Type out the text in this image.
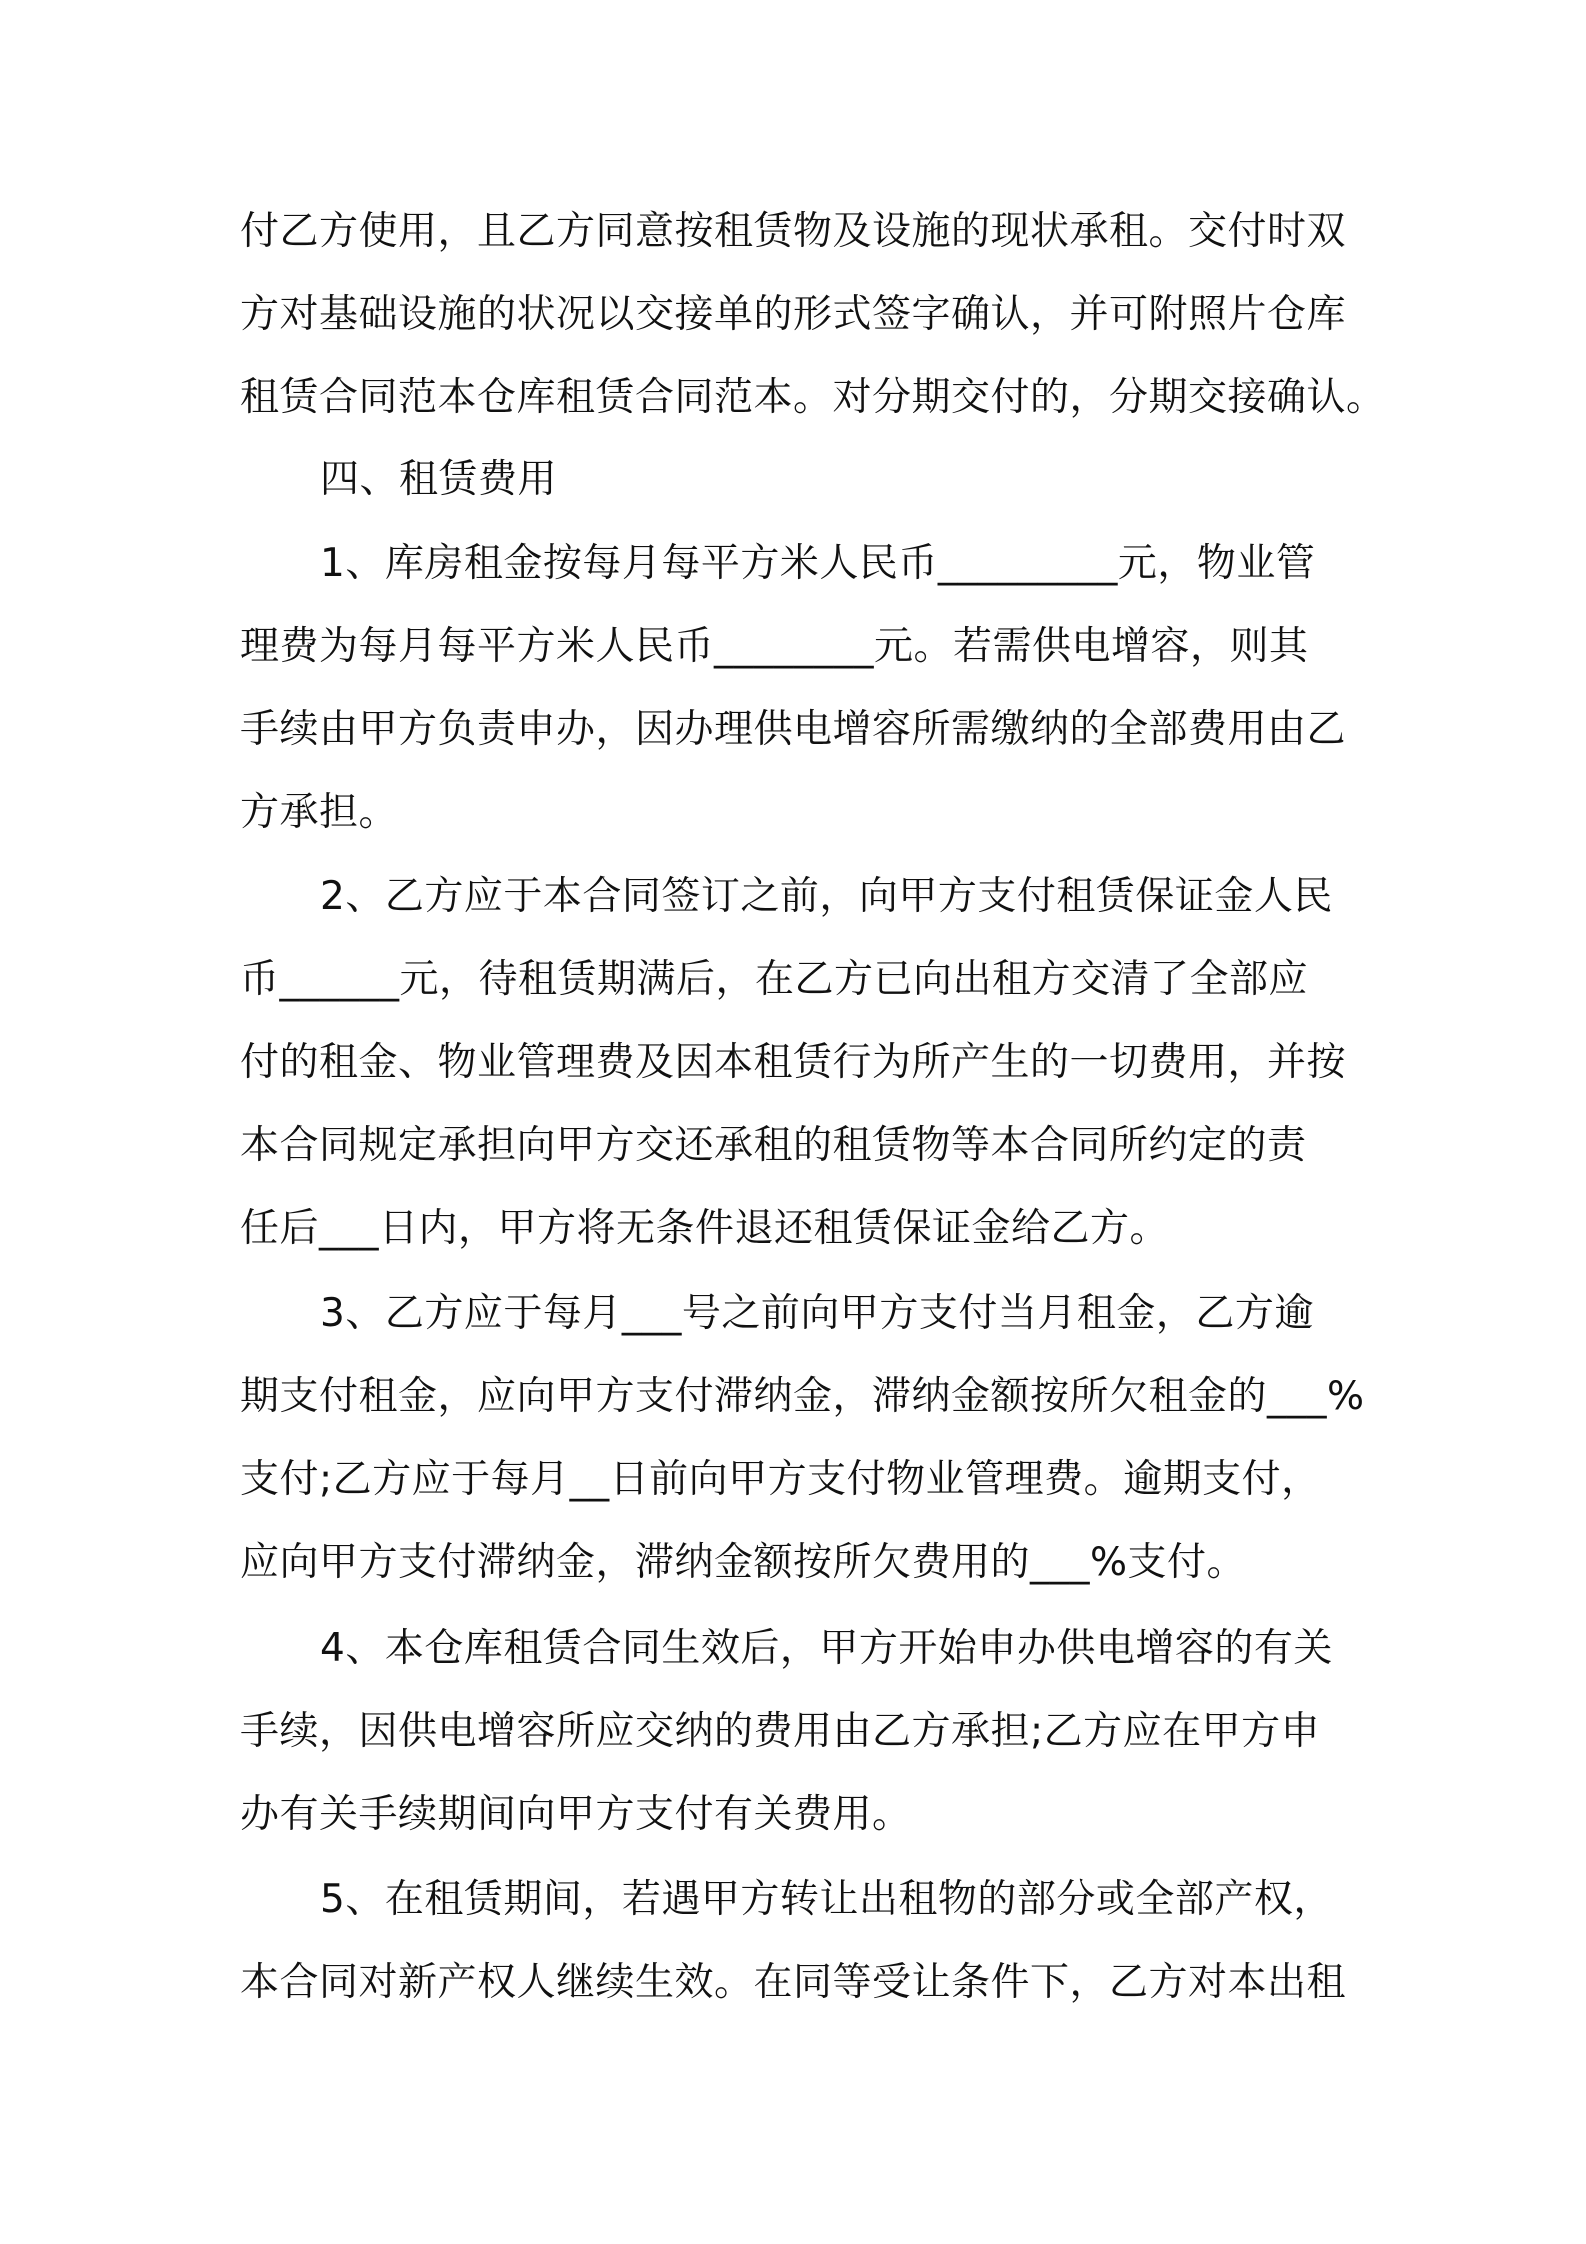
付乙方使用，且乙方同意按租赁物及设施的现状承租。交付时双
方对基础设施的状况以交接单的形式签字确认，并可附照片仓库
租赁合同范本仓库租赁合同范本。对分期交付的，分期交接确认。
四、租赁费用
1、库房租金按每月每平方米人民币_________元，物业管
理费为每月每平方米人民币________元。若需供电增容，则其
手续由甲方负责申办，因办理供电增容所需缴纳的全部费用由乙
方承担。
2、乙方应于本合同签订之前，向甲方支付租赁保证金人民
币______元，待租赁期满后，在乙方已向出租方交清了全部应
付的租金、物业管理费及因本租赁行为所产生的一切费用，并按
本合同规定承担向甲方交还承租的租赁物等本合同所约定的责
任后___日内，甲方将无条件退还租赁保证金给乙方。
3、乙方应于每月___号之前向甲方支付当月租金，乙方逾
期支付租金，应向甲方支付滞纳金，滞纳金额按所欠租金的___%
支付;乙方应于每月__日前向甲方支付物业管理费。逾期支付，
应向甲方支付滞纳金，滞纳金额按所欠费用的___%支付。
4、本仓库租赁合同生效后，甲方开始申办供电增容的有关
手续，因供电增容所应交纳的费用由乙方承担;乙方应在甲方申
办有关手续期间向甲方支付有关费用。
5、在租赁期间，若遇甲方转让出租物的部分或全部产权，
本合同对新产权人继续生效。在同等受让条件下，乙方对本出租
